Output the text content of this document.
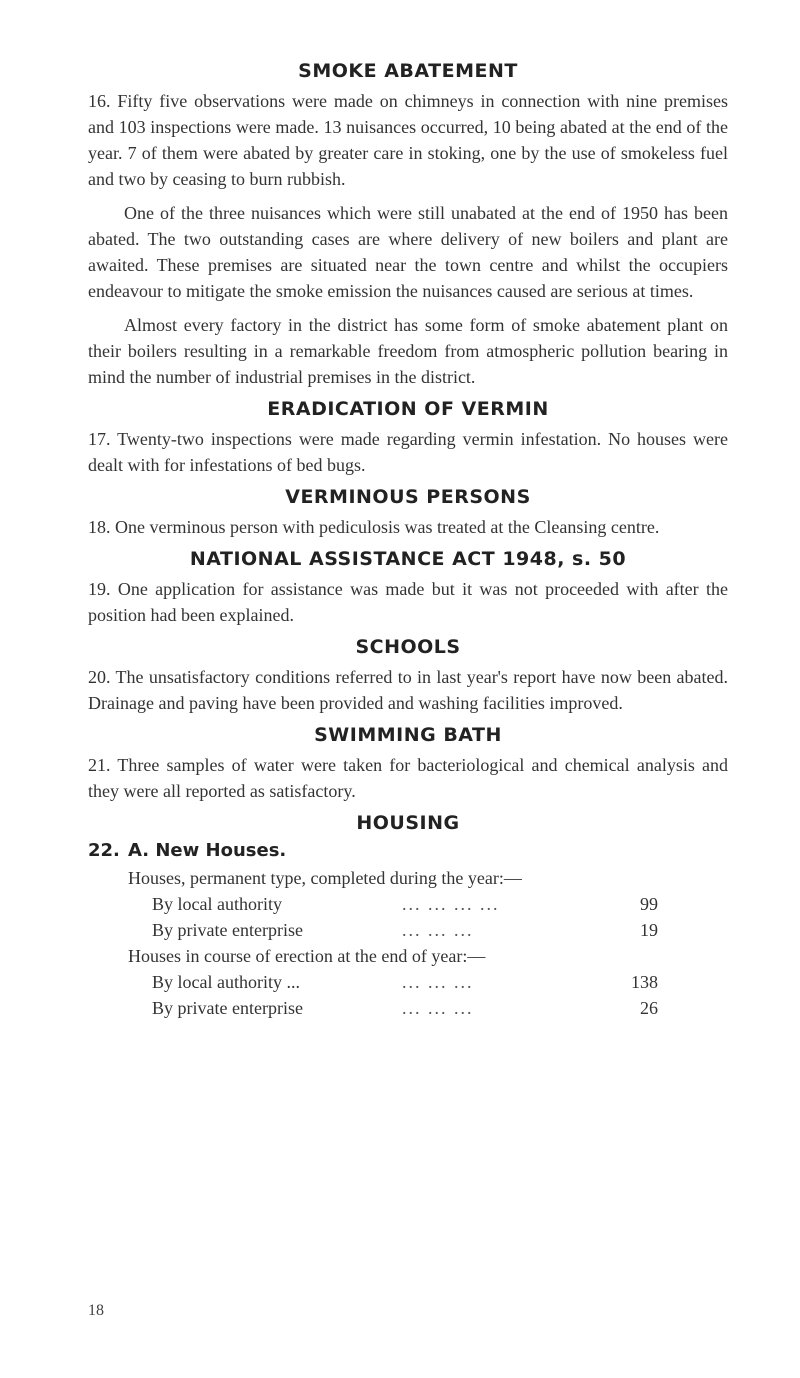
SMOKE ABATEMENT

16. Fifty five observations were made on chimneys in connection with nine premises and 103 inspections were made. 13 nuisances occurred, 10 being abated at the end of the year. 7 of them were abated by greater care in stoking, one by the use of smokeless fuel and two by ceasing to burn rubbish.

One of the three nuisances which were still unabated at the end of 1950 has been abated. The two outstanding cases are where delivery of new boilers and plant are awaited. These premises are situated near the town centre and whilst the occupiers endeavour to mitigate the smoke emission the nuisances caused are serious at times.

Almost every factory in the district has some form of smoke abatement plant on their boilers resulting in a remarkable freedom from atmospheric pollution bearing in mind the number of industrial premises in the district.

ERADICATION OF VERMIN

17. Twenty-two inspections were made regarding vermin infestation. No houses were dealt with for infestations of bed bugs.

VERMINOUS PERSONS

18. One verminous person with pediculosis was treated at the Cleansing centre.

NATIONAL ASSISTANCE ACT 1948, s. 50

19. One application for assistance was made but it was not proceeded with after the position had been explained.

SCHOOLS

20. The unsatisfactory conditions referred to in last year's report have now been abated. Drainage and paving have been provided and washing facilities improved.

SWIMMING BATH

21. Three samples of water were taken for bacteriological and chemical analysis and they were all reported as satisfactory.

HOUSING
22. A. New Houses.
Houses, permanent type, completed during the year:—
By local authority	... ... ... ...	99
By private enterprise	... ... ...	19
Houses in course of erection at the end of year:—
By local authority ...	... ... ...	138
By private enterprise	... ... ...	26
18
